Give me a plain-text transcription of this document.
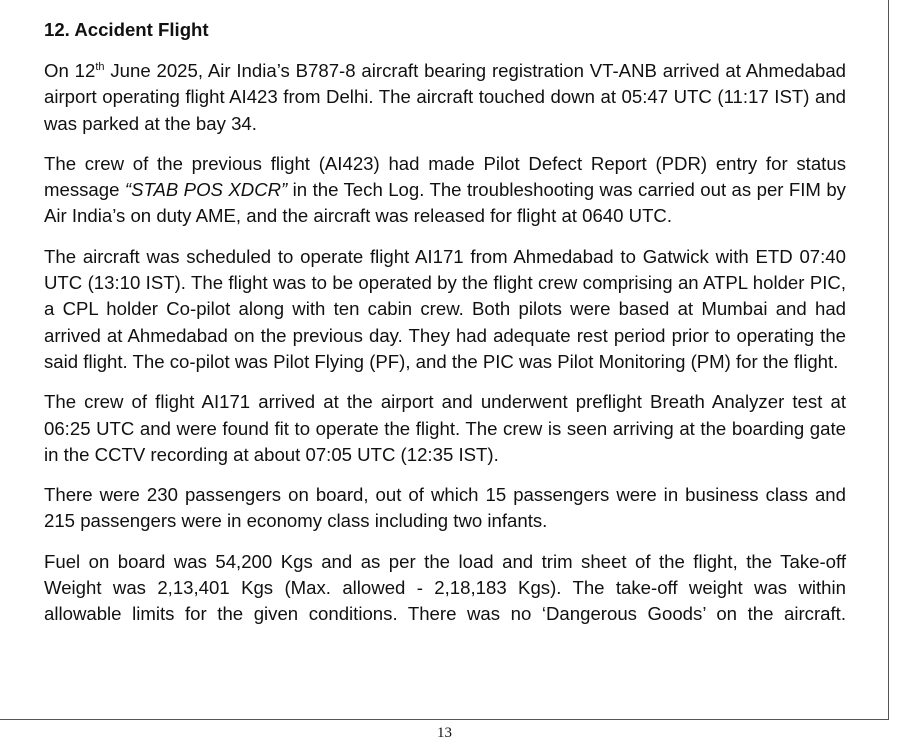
12. Accident Flight

On 12th June 2025, Air India’s B787-8 aircraft bearing registration VT-ANB arrived at Ahmedabad airport operating flight AI423 from Delhi. The aircraft touched down at 05:47 UTC (11:17 IST) and was parked at the bay 34.

The crew of the previous flight (AI423) had made Pilot Defect Report (PDR) entry for status message “STAB POS XDCR” in the Tech Log. The troubleshooting was carried out as per FIM by Air India’s on duty AME, and the aircraft was released for flight at 0640 UTC.

The aircraft was scheduled to operate flight AI171 from Ahmedabad to Gatwick with ETD 07:40 UTC (13:10 IST). The flight was to be operated by the flight crew comprising an ATPL holder PIC, a CPL holder Co-pilot along with ten cabin crew. Both pilots were based at Mumbai and had arrived at Ahmedabad on the previous day. They had adequate rest period prior to operating the said flight. The co-pilot was Pilot Flying (PF), and the PIC was Pilot Monitoring (PM) for the flight.

The crew of flight AI171 arrived at the airport and underwent preflight Breath Analyzer test at 06:25 UTC and were found fit to operate the flight. The crew is seen arriving at the boarding gate in the CCTV recording at about 07:05 UTC (12:35 IST).

There were 230 passengers on board, out of which 15 passengers were in business class and 215 passengers were in economy class including two infants.

Fuel on board was 54,200 Kgs and as per the load and trim sheet of the flight, the Take-off Weight was 2,13,401 Kgs (Max. allowed - 2,18,183 Kgs). The take-off weight was within allowable limits for the given conditions. There was no ‘Dangerous Goods’ on the aircraft.

13
